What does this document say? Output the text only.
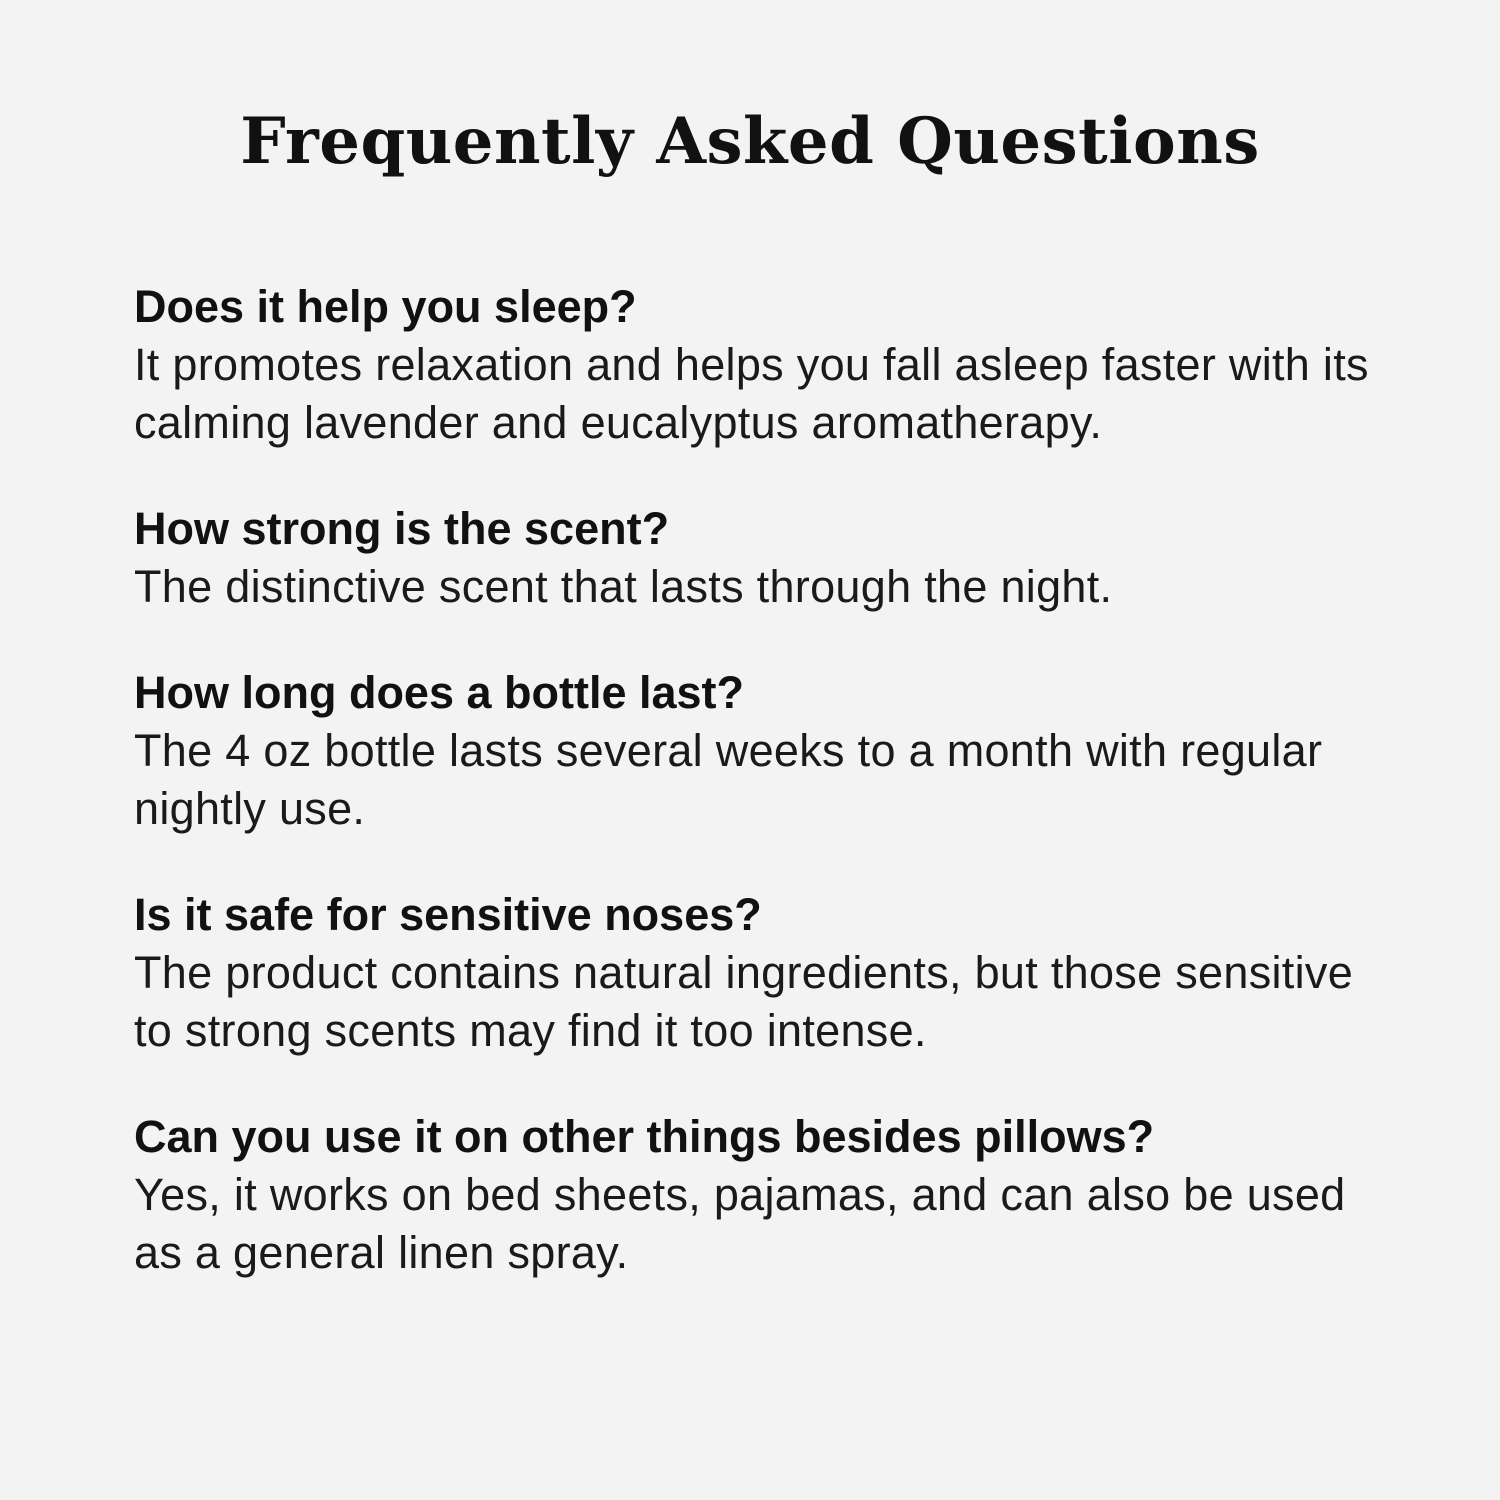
Frequently Asked Questions

Does it help you sleep?

It promotes relaxation and helps you fall asleep faster with its calming lavender and eucalyptus aromatherapy.

How strong is the scent?

The distinctive scent that lasts through the night.

How long does a bottle last?

The 4 oz bottle lasts several weeks to a month with regular nightly use.

Is it safe for sensitive noses?

The product contains natural ingredients, but those sensitive to strong scents may find it too intense.

Can you use it on other things besides pillows?

Yes, it works on bed sheets, pajamas, and can also be used as a general linen spray.
